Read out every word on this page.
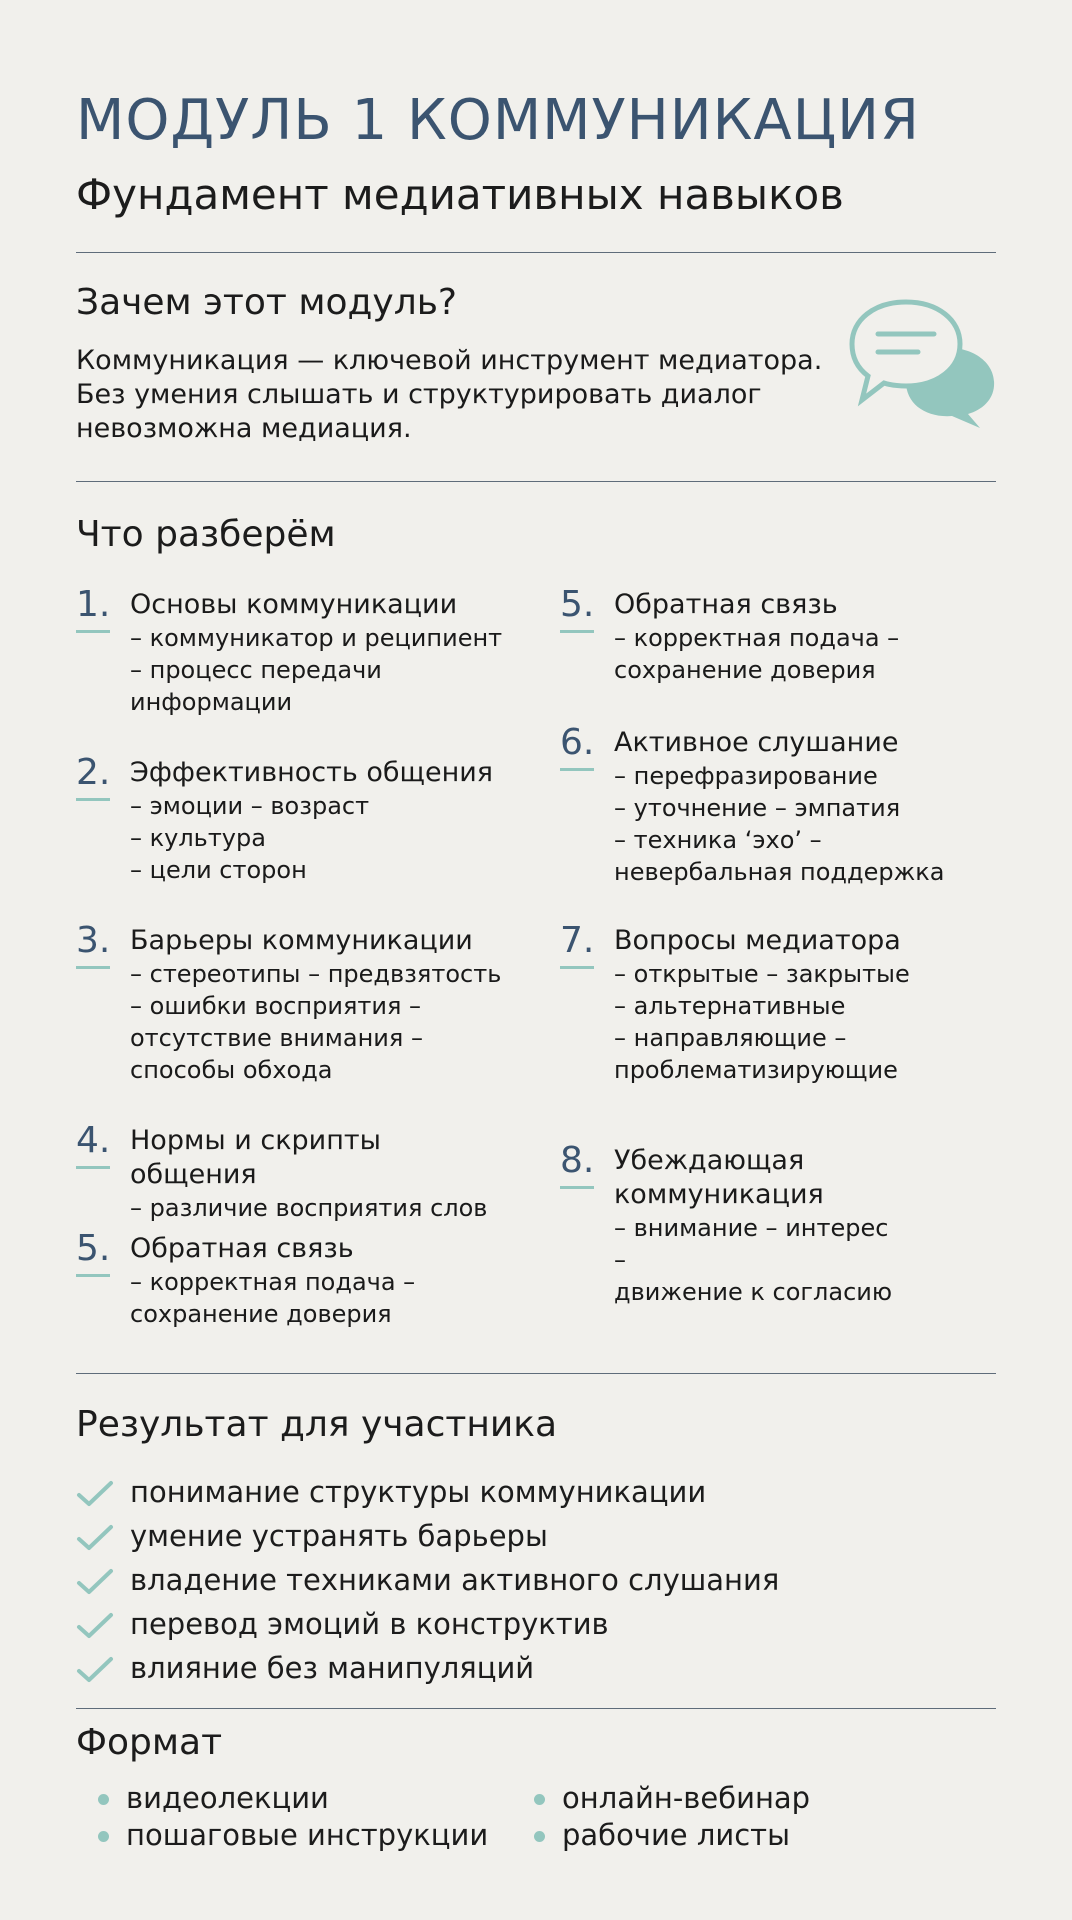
МОДУЛЬ 1 КОММУНИКАЦИЯ
Фундамент медиативных навыков
Зачем этот модуль?
Коммуникация — ключевой инструмент медиатора. Без умения слышать и структурировать диалог невозможна медиация.
Что разберём
1. Основы коммуникации
– коммуникатор и реципиент
– процесс передачи
информации
2. Эффективность общения
– эмоции – возраст
– культура
– цели сторон
3. Барьеры коммуникации
– стереотипы – предвзятость
– ошибки восприятия –
отсутствие внимания –
способы обхода
4. Нормы и скрипты общения
– различие восприятия слов
5. Обратная связь
– корректная подача –
сохранение доверия
5. Обратная связь
– корректная подача –
сохранение доверия
6. Активное слушание
– перефразирование
– уточнение – эмпатия
– техника ‘эхо’ –
невербальная поддержка
7. Вопросы медиатора
– открытые – закрытые
– альтернативные
– направляющие –
проблематизирующие
8. Убеждающая коммуникация
– внимание – интерес –
движение к согласию
Результат для участника
понимание структуры коммуникации
умение устранять барьеры
владение техниками активного слушания
перевод эмоций в конструктив
влияние без манипуляций
Формат
видеолекции
пошаговые инструкции
онлайн-вебинар
рабочие листы
